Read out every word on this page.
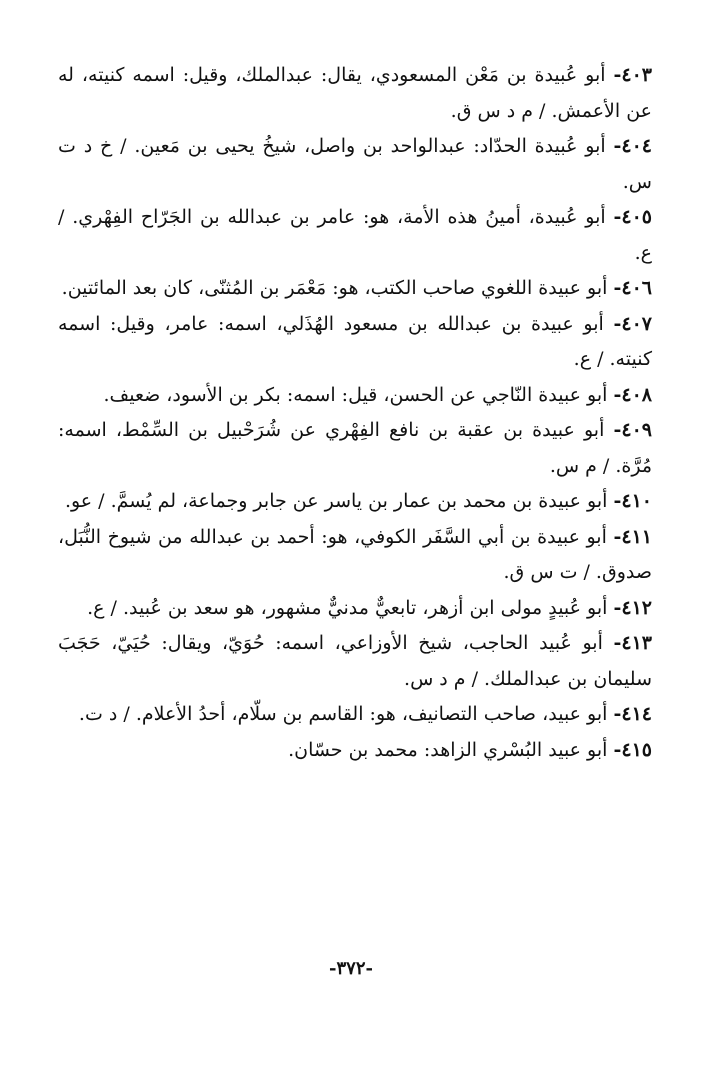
٤٠٣- أبو عُبيدة بن مَعْن المسعودي، يقال: عبدالملك، وقيل: اسمه كنيته، له عن الأعمش. / م د س ق.

٤٠٤- أبو عُبيدة الحدّاد: عبدالواحد بن واصل، شيخُ يحيى بن مَعين. / خ د ت س.

٤٠٥- أبو عُبيدة، أمينُ هذه الأمة، هو: عامر بن عبدالله بن الجَرّاح الفِهْري. / ع.

٤٠٦- أبو عبيدة اللغوي صاحب الكتب، هو: مَعْمَر بن المُثنّى، كان بعد المائتين.

٤٠٧- أبو عبيدة بن عبدالله بن مسعود الهُذَلي، اسمه: عامر، وقيل: اسمه كنيته. / ع.

٤٠٨- أبو عبيدة النّاجي عن الحسن، قيل: اسمه: بكر بن الأسود، ضعيف.

٤٠٩- أبو عبيدة بن عقبة بن نافع الفِهْري عن شُرَحْبيل بن السِّمْط، اسمه: مُرَّة. / م س.

٤١٠- أبو عبيدة بن محمد بن عمار بن ياسر عن جابر وجماعة، لم يُسمَّ. / عو.

٤١١- أبو عبيدة بن أبي السَّفَر الكوفي، هو: أحمد بن عبدالله من شيوخ النُّبَل، صدوق. / ت س ق.

٤١٢- أبو عُبيدٍ مولى ابن أزهر، تابعيٌّ مدنيٌّ مشهور، هو سعد بن عُبيد. / ع.

٤١٣- أبو عُبيد الحاجب، شيخ الأوزاعي، اسمه: حُوَيّ، ويقال: حُيَيّ، حَجَبَ سليمان بن عبدالملك. / م د س.

٤١٤- أبو عبيد، صاحب التصانيف، هو: القاسم بن سلّام، أحدُ الأعلام. / د ت.

٤١٥- أبو عبيد البُسْري الزاهد: محمد بن حسّان.

-٣٧٢-
